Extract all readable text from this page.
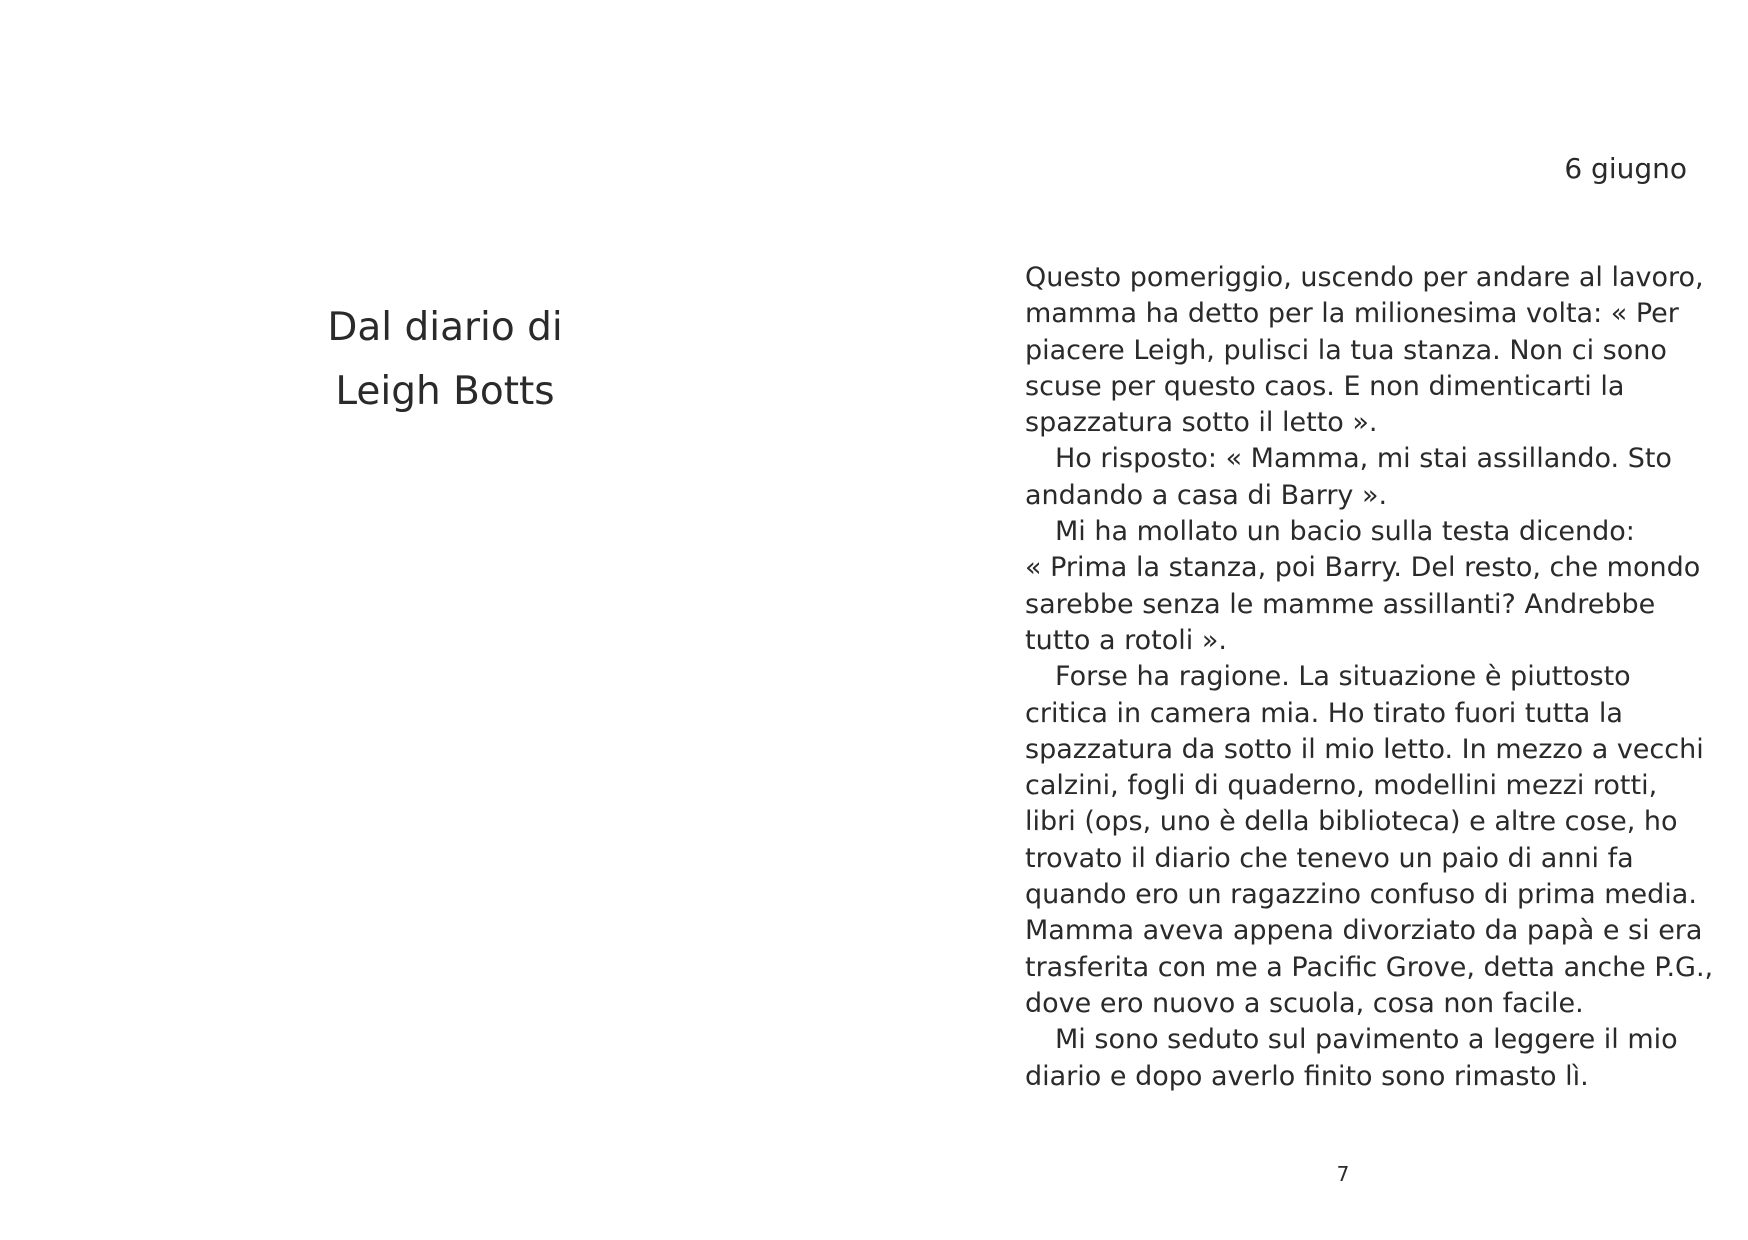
Dal diario di
Leigh Botts
6 giugno
Questo pomeriggio, uscendo per andare al lavoro,
mamma ha detto per la milionesima volta: « Per
piacere Leigh, pulisci la tua stanza. Non ci sono
scuse per questo caos. E non dimenticarti la
spazzatura sotto il letto ».
Ho risposto: « Mamma, mi stai assillando. Sto
andando a casa di Barry ».
Mi ha mollato un bacio sulla testa dicendo:
« Prima la stanza, poi Barry. Del resto, che mondo
sarebbe senza le mamme assillanti? Andrebbe
tutto a rotoli ».
Forse ha ragione. La situazione è piuttosto
critica in camera mia. Ho tirato fuori tutta la
spazzatura da sotto il mio letto. In mezzo a vecchi
calzini, fogli di quaderno, modellini mezzi rotti,
libri (ops, uno è della biblioteca) e altre cose, ho
trovato il diario che tenevo un paio di anni fa
quando ero un ragazzino confuso di prima media.
Mamma aveva appena divorziato da papà e si era
trasferita con me a Pacific Grove, detta anche P.G.,
dove ero nuovo a scuola, cosa non facile.
Mi sono seduto sul pavimento a leggere il mio
diario e dopo averlo finito sono rimasto lì.
7
